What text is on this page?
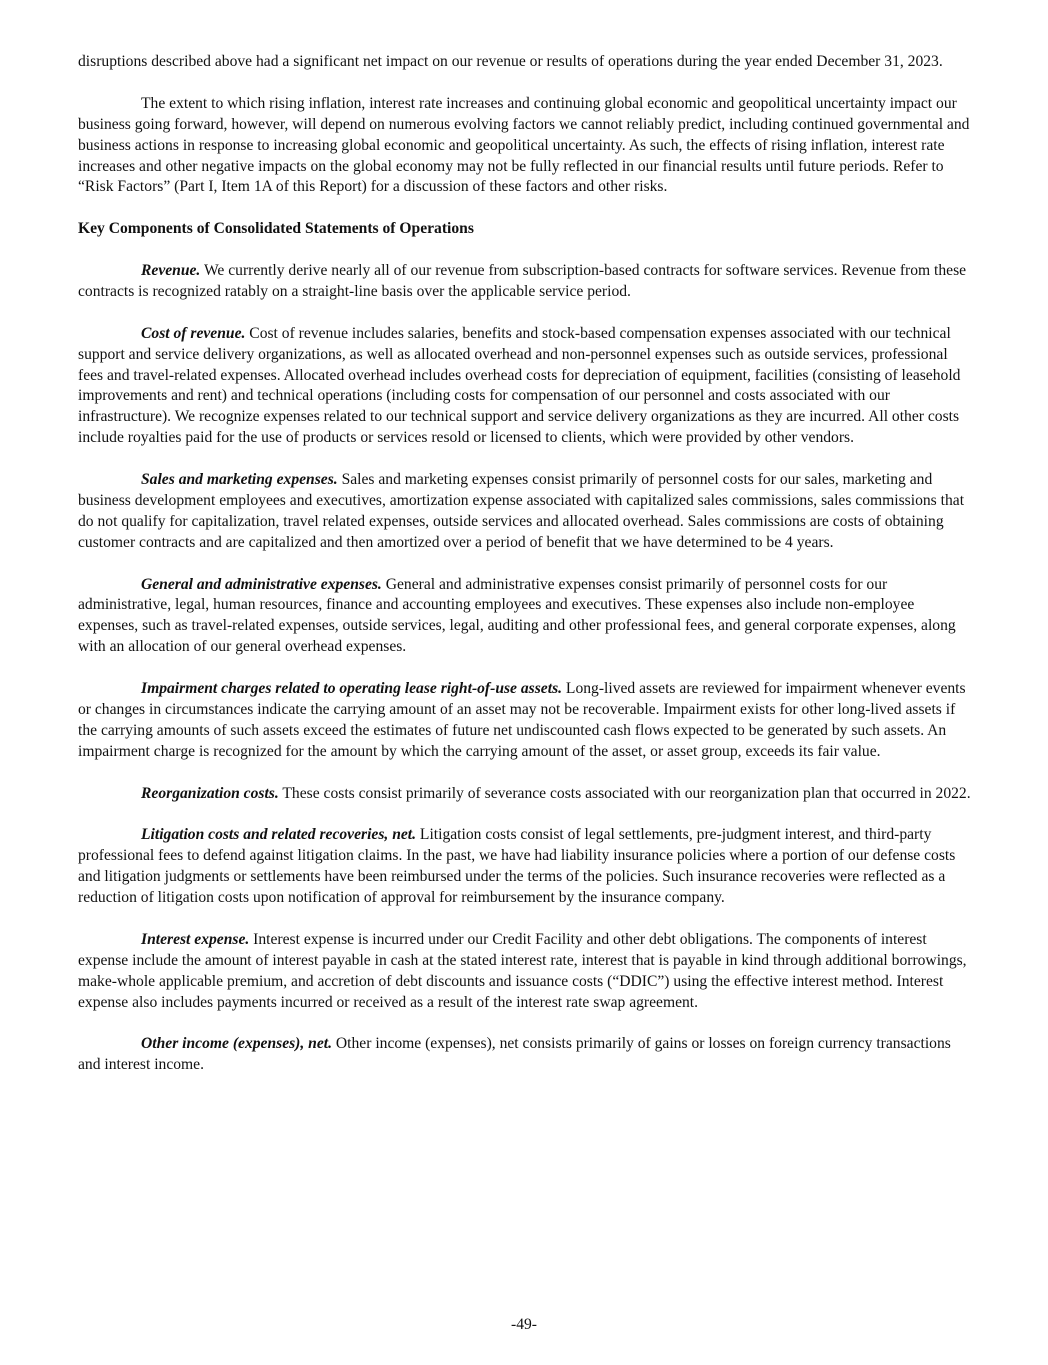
disruptions described above had a significant net impact on our revenue or results of operations during the year ended December 31, 2023.

The extent to which rising inflation, interest rate increases and continuing global economic and geopolitical uncertainty impact our business going forward, however, will depend on numerous evolving factors we cannot reliably predict, including continued governmental and business actions in response to increasing global economic and geopolitical uncertainty. As such, the effects of rising inflation, interest rate increases and other negative impacts on the global economy may not be fully reflected in our financial results until future periods. Refer to “Risk Factors” (Part I, Item 1A of this Report) for a discussion of these factors and other risks.

Key Components of Consolidated Statements of Operations

Revenue. We currently derive nearly all of our revenue from subscription-based contracts for software services. Revenue from these contracts is recognized ratably on a straight-line basis over the applicable service period.

Cost of revenue. Cost of revenue includes salaries, benefits and stock-based compensation expenses associated with our technical support and service delivery organizations, as well as allocated overhead and non-personnel expenses such as outside services, professional fees and travel-related expenses. Allocated overhead includes overhead costs for depreciation of equipment, facilities (consisting of leasehold improvements and rent) and technical operations (including costs for compensation of our personnel and costs associated with our infrastructure). We recognize expenses related to our technical support and service delivery organizations as they are incurred. All other costs include royalties paid for the use of products or services resold or licensed to clients, which were provided by other vendors.

Sales and marketing expenses. Sales and marketing expenses consist primarily of personnel costs for our sales, marketing and business development employees and executives, amortization expense associated with capitalized sales commissions, sales commissions that do not qualify for capitalization, travel related expenses, outside services and allocated overhead. Sales commissions are costs of obtaining customer contracts and are capitalized and then amortized over a period of benefit that we have determined to be 4 years.

General and administrative expenses. General and administrative expenses consist primarily of personnel costs for our administrative, legal, human resources, finance and accounting employees and executives. These expenses also include non-employee expenses, such as travel-related expenses, outside services, legal, auditing and other professional fees, and general corporate expenses, along with an allocation of our general overhead expenses.

Impairment charges related to operating lease right-of-use assets. Long-lived assets are reviewed for impairment whenever events or changes in circumstances indicate the carrying amount of an asset may not be recoverable. Impairment exists for other long-lived assets if the carrying amounts of such assets exceed the estimates of future net undiscounted cash flows expected to be generated by such assets. An impairment charge is recognized for the amount by which the carrying amount of the asset, or asset group, exceeds its fair value.

Reorganization costs. These costs consist primarily of severance costs associated with our reorganization plan that occurred in 2022.

Litigation costs and related recoveries, net. Litigation costs consist of legal settlements, pre-judgment interest, and third-party professional fees to defend against litigation claims. In the past, we have had liability insurance policies where a portion of our defense costs and litigation judgments or settlements have been reimbursed under the terms of the policies. Such insurance recoveries were reflected as a reduction of litigation costs upon notification of approval for reimbursement by the insurance company.

Interest expense. Interest expense is incurred under our Credit Facility and other debt obligations. The components of interest expense include the amount of interest payable in cash at the stated interest rate, interest that is payable in kind through additional borrowings, make-whole applicable premium, and accretion of debt discounts and issuance costs (“DDIC”) using the effective interest method. Interest expense also includes payments incurred or received as a result of the interest rate swap agreement.

Other income (expenses), net. Other income (expenses), net consists primarily of gains or losses on foreign currency transactions and interest income.

-49-
